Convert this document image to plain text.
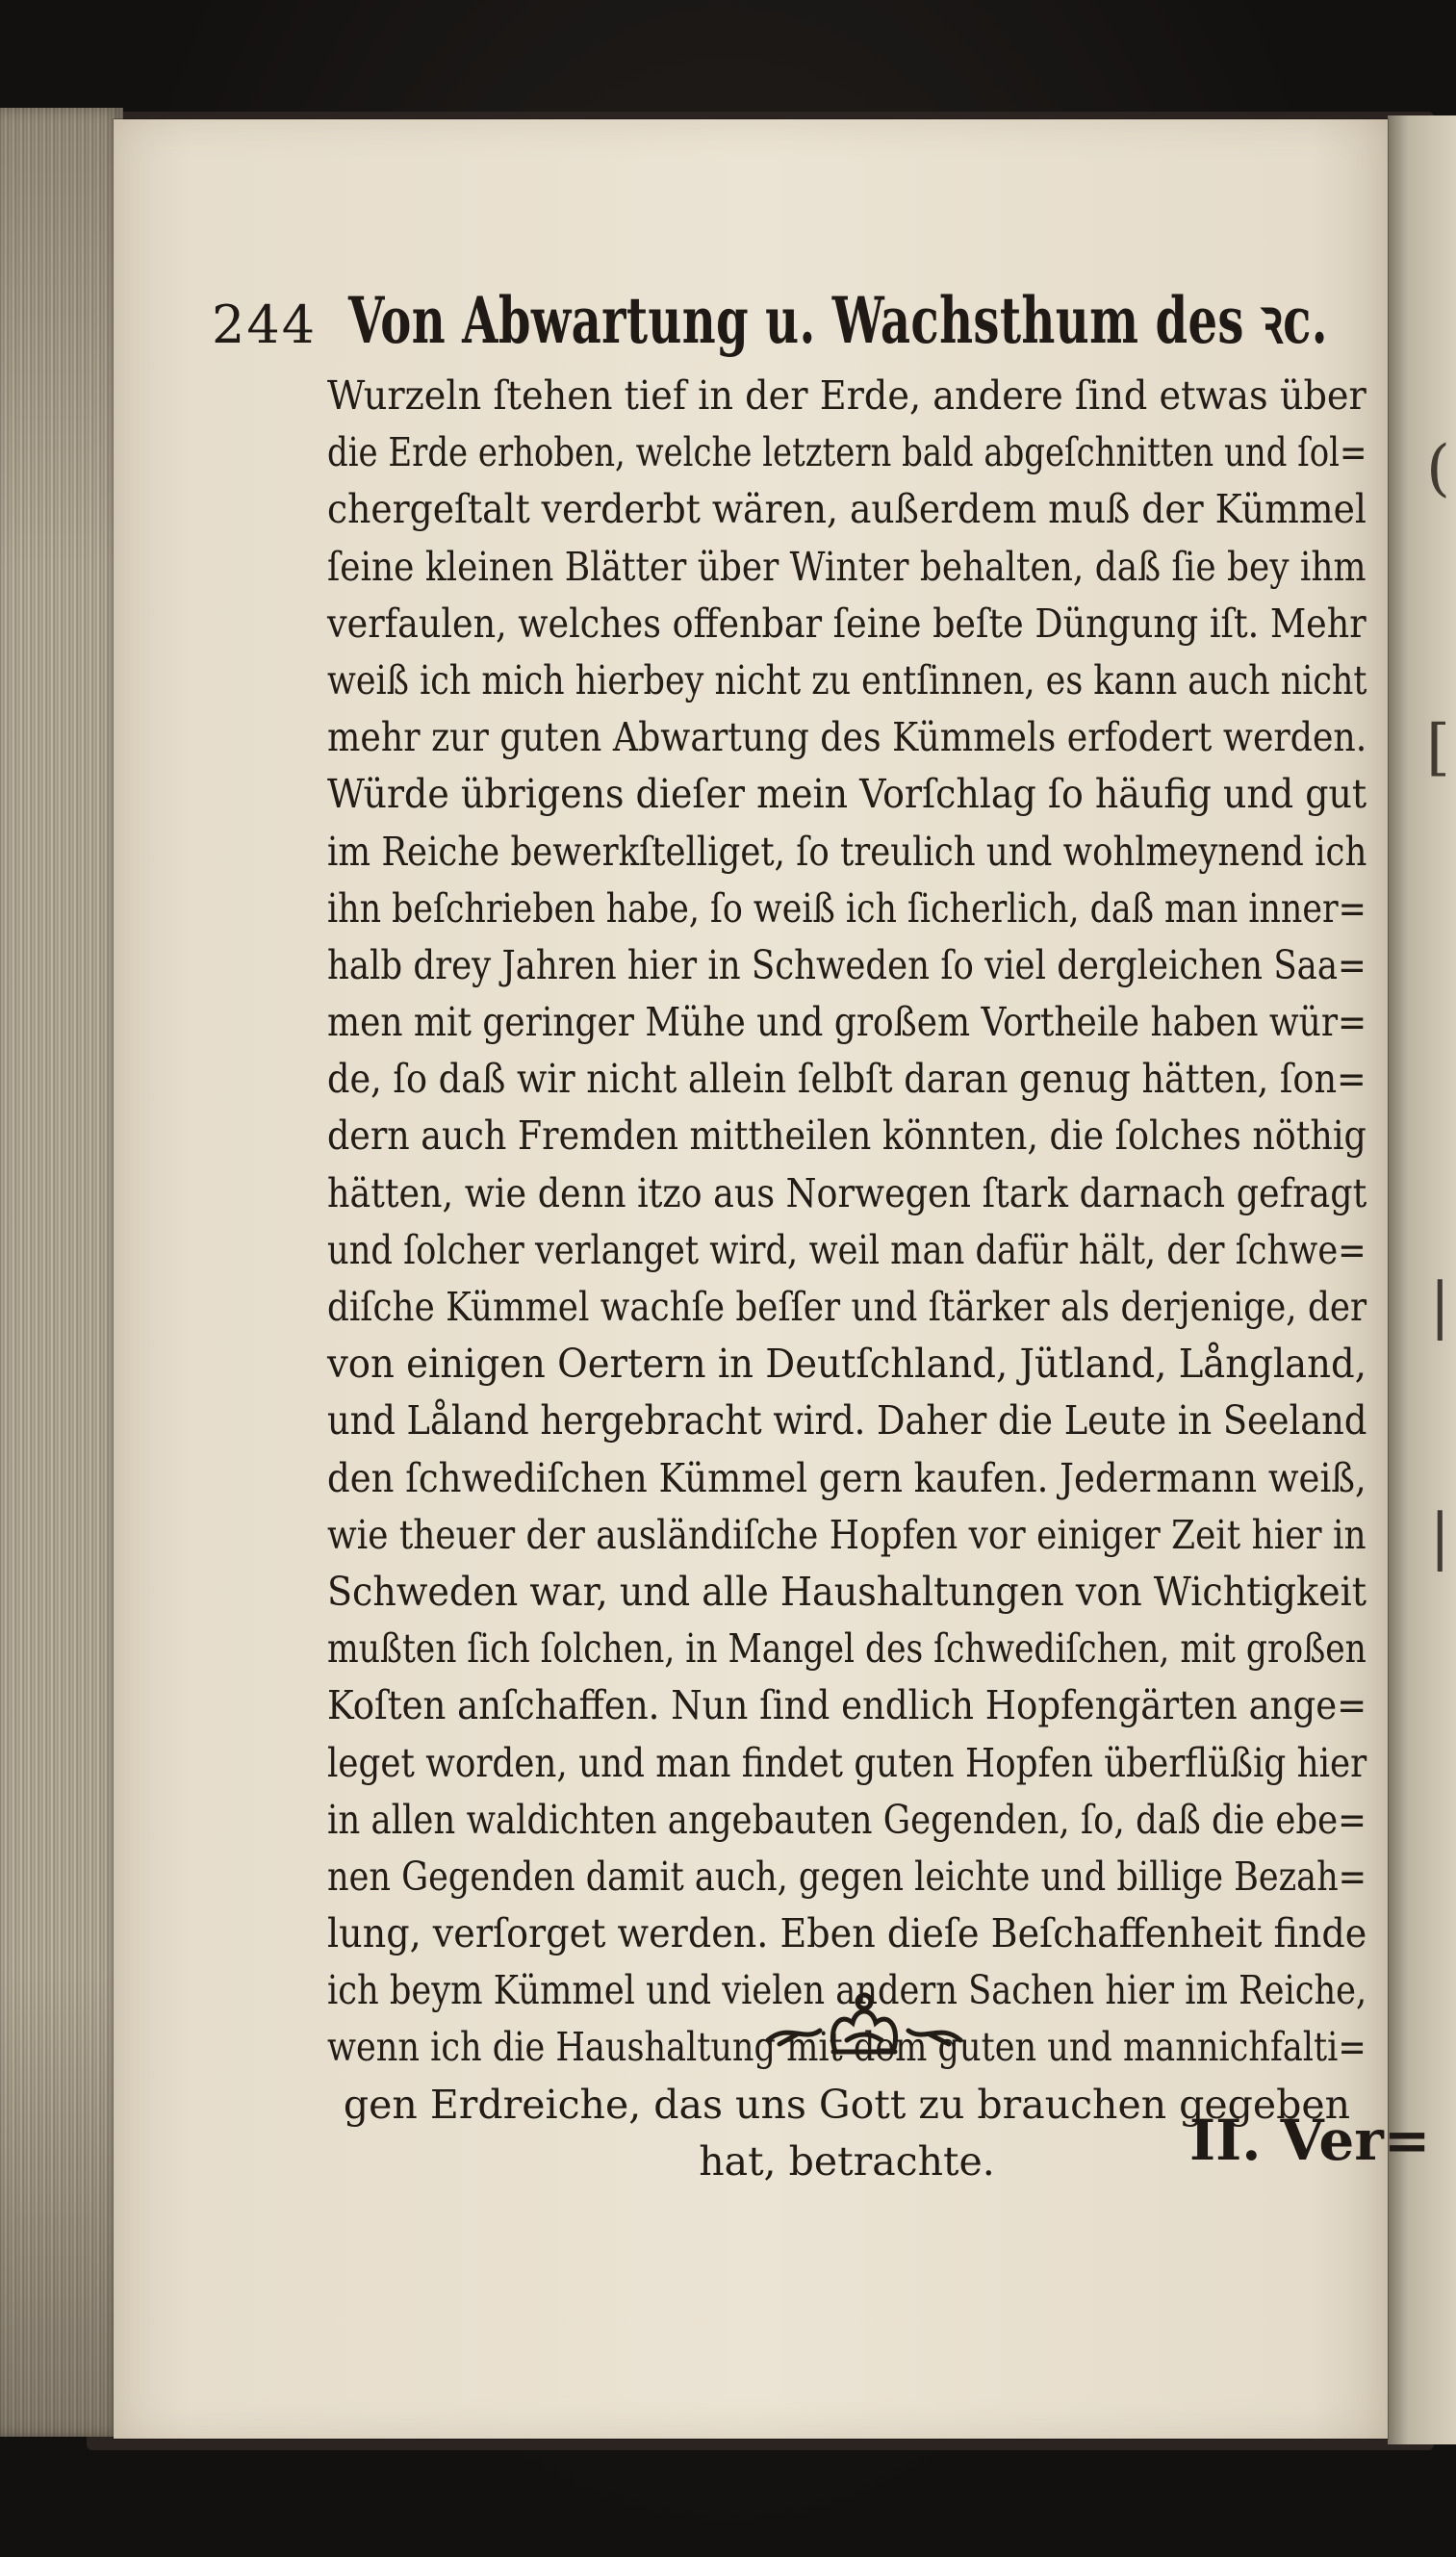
(
[
|
|
244 Von Abwartung u. Wachsthum des ꝛc.
Wurzeln ſtehen tief in der Erde, andere ſind etwas über
die Erde erhoben, welche letztern bald abgeſchnitten und ſol=
chergeſtalt verderbt wären, außerdem muß der Kümmel
ſeine kleinen Blätter über Winter behalten, daß ſie bey ihm
verfaulen, welches offenbar ſeine beſte Düngung iſt. Mehr
weiß ich mich hierbey nicht zu entſinnen, es kann auch nicht
mehr zur guten Abwartung des Kümmels erfodert werden.
Würde übrigens dieſer mein Vorſchlag ſo häufig und gut
im Reiche bewerkſtelliget, ſo treulich und wohlmeynend ich
ihn beſchrieben habe, ſo weiß ich ſicherlich, daß man inner=
halb drey Jahren hier in Schweden ſo viel dergleichen Saa=
men mit geringer Mühe und großem Vortheile haben wür=
de, ſo daß wir nicht allein ſelbſt daran genug hätten, ſon=
dern auch Fremden mittheilen könnten, die ſolches nöthig
hätten, wie denn itzo aus Norwegen ſtark darnach gefragt
und ſolcher verlanget wird, weil man dafür hält, der ſchwe=
diſche Kümmel wachſe beſſer und ſtärker als derjenige, der
von einigen Oertern in Deutſchland, Jütland, Långland,
und Låland hergebracht wird. Daher die Leute in Seeland
den ſchwediſchen Kümmel gern kaufen. Jedermann weiß,
wie theuer der ausländiſche Hopfen vor einiger Zeit hier in
Schweden war, und alle Haushaltungen von Wichtigkeit
mußten ſich ſolchen, in Mangel des ſchwediſchen, mit großen
Koſten anſchaffen. Nun ſind endlich Hopfengärten ange=
leget worden, und man findet guten Hopfen überflüßig hier
in allen waldichten angebauten Gegenden, ſo, daß die ebe=
nen Gegenden damit auch, gegen leichte und billige Bezah=
lung, verſorget werden. Eben dieſe Beſchaffenheit finde
ich beym Kümmel und vielen andern Sachen hier im Reiche,
wenn ich die Haushaltung mit dem guten und mannichfalti=
gen Erdreiche, das uns Gott zu brauchen gegeben
hat, betrachte.	II. Ver=
